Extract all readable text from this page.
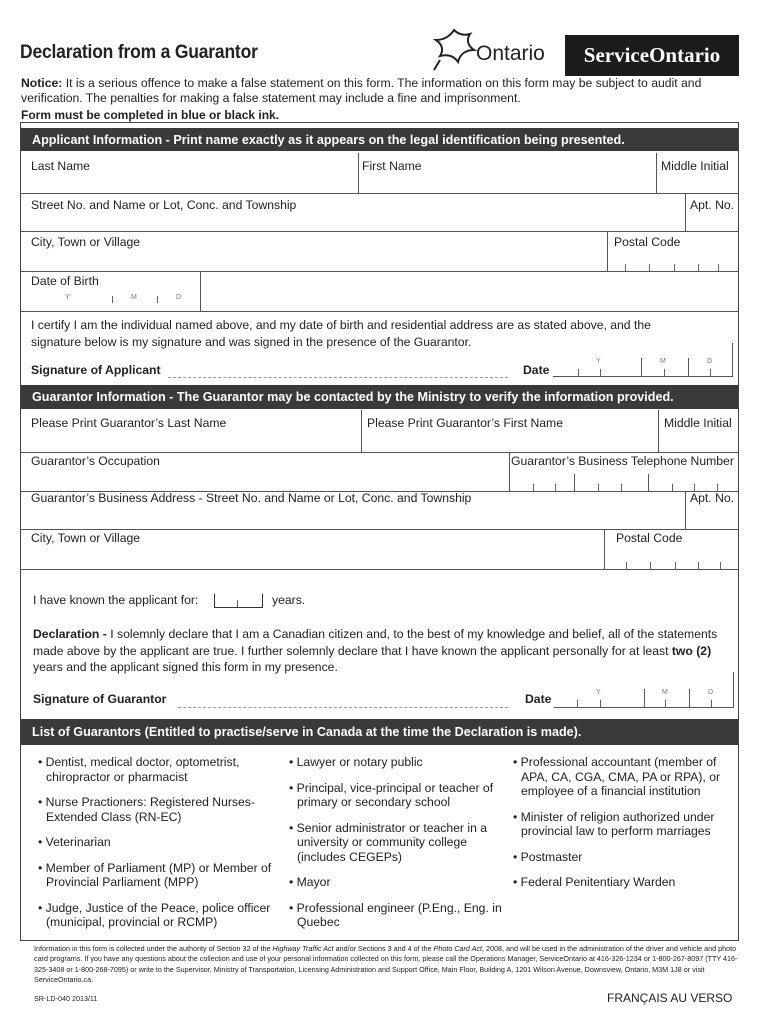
Declaration from a Guarantor	Ontario	ServiceOntario
Notice: It is a serious offence to make a false statement on this form. The information on this form may be subject to audit and verification. The penalties for making a false statement may include a fine and imprisonment.
Form must be completed in blue or black ink.
Applicant Information - Print name exactly as it appears on the legal identification being presented.
Last Name	First Name	Middle Initial
Street No. and Name or Lot, Conc. and Township	Apt. No.
City, Town or Village	Postal Code
Date of Birth
Y	M	D
I certify I am the individual named above, and my date of birth and residential address are as stated above, and the signature below is my signature and was signed in the presence of the Guarantor.
Signature of Applicant	Date
Y	M	D
Guarantor Information - The Guarantor may be contacted by the Ministry to verify the information provided.
Please Print Guarantor’s Last Name	Please Print Guarantor’s First Name	Middle Initial
Guarantor’s Occupation	Guarantor’s Business Telephone Number
Guarantor’s Business Address - Street No. and Name or Lot, Conc. and Township	Apt. No.
City, Town or Village	Postal Code
I have known the applicant for:	years.
Declaration - I solemnly declare that I am a Canadian citizen and, to the best of my knowledge and belief, all of the statements made above by the applicant are true. I further solemnly declare that I have known the applicant personally for at least two (2) years and the applicant signed this form in my presence.
Signature of Guarantor	Date	Y	M	D
List of Guarantors (Entitled to practise/serve in Canada at the time the Declaration is made).
• Dentist, medical doctor, optometrist, chiropractor or pharmacist
• Nurse Practioners: Registered Nurses-Extended Class (RN-EC)
• Veterinarian
• Member of Parliament (MP) or Member of Provincial Parliament (MPP)
• Judge, Justice of the Peace, police officer (municipal, provincial or RCMP)
• Lawyer or notary public
• Principal, vice-principal or teacher of primary or secondary school
• Senior administrator or teacher in a university or community college (includes CEGEPs)
• Mayor
• Professional engineer (P.Eng., Eng. in Quebec
• Professional accountant (member of APA, CA, CGA, CMA, PA or RPA), or employee of a financial institution
• Minister of religion authorized under provincial law to perform marriages
• Postmaster
• Federal Penitentiary Warden
Information in this form is collected under the authority of Section 32 of the Highway Traffic Act and/or Sections 3 and 4 of the Photo Card Act, 2008, and will be used in the administration of the driver and vehicle and photo card programs. If you have any questions about the collection and use of your personal information collected on this form, please call the Operations Manager, ServiceOntario at 416-326-1234 or 1-800-267-8097 (TTY 416-325-3408 or 1-800-268-7095) or write to the Supervisor, Ministry of Transportation, Licensing Administration and Support Office, Main Floor, Building A, 1201 Wilson Avenue, Downsview, Ontario, M3M 1J8 or visit ServiceOntario.ca.
SR-LD-040 2013/11	FRANÇAIS AU VERSO
